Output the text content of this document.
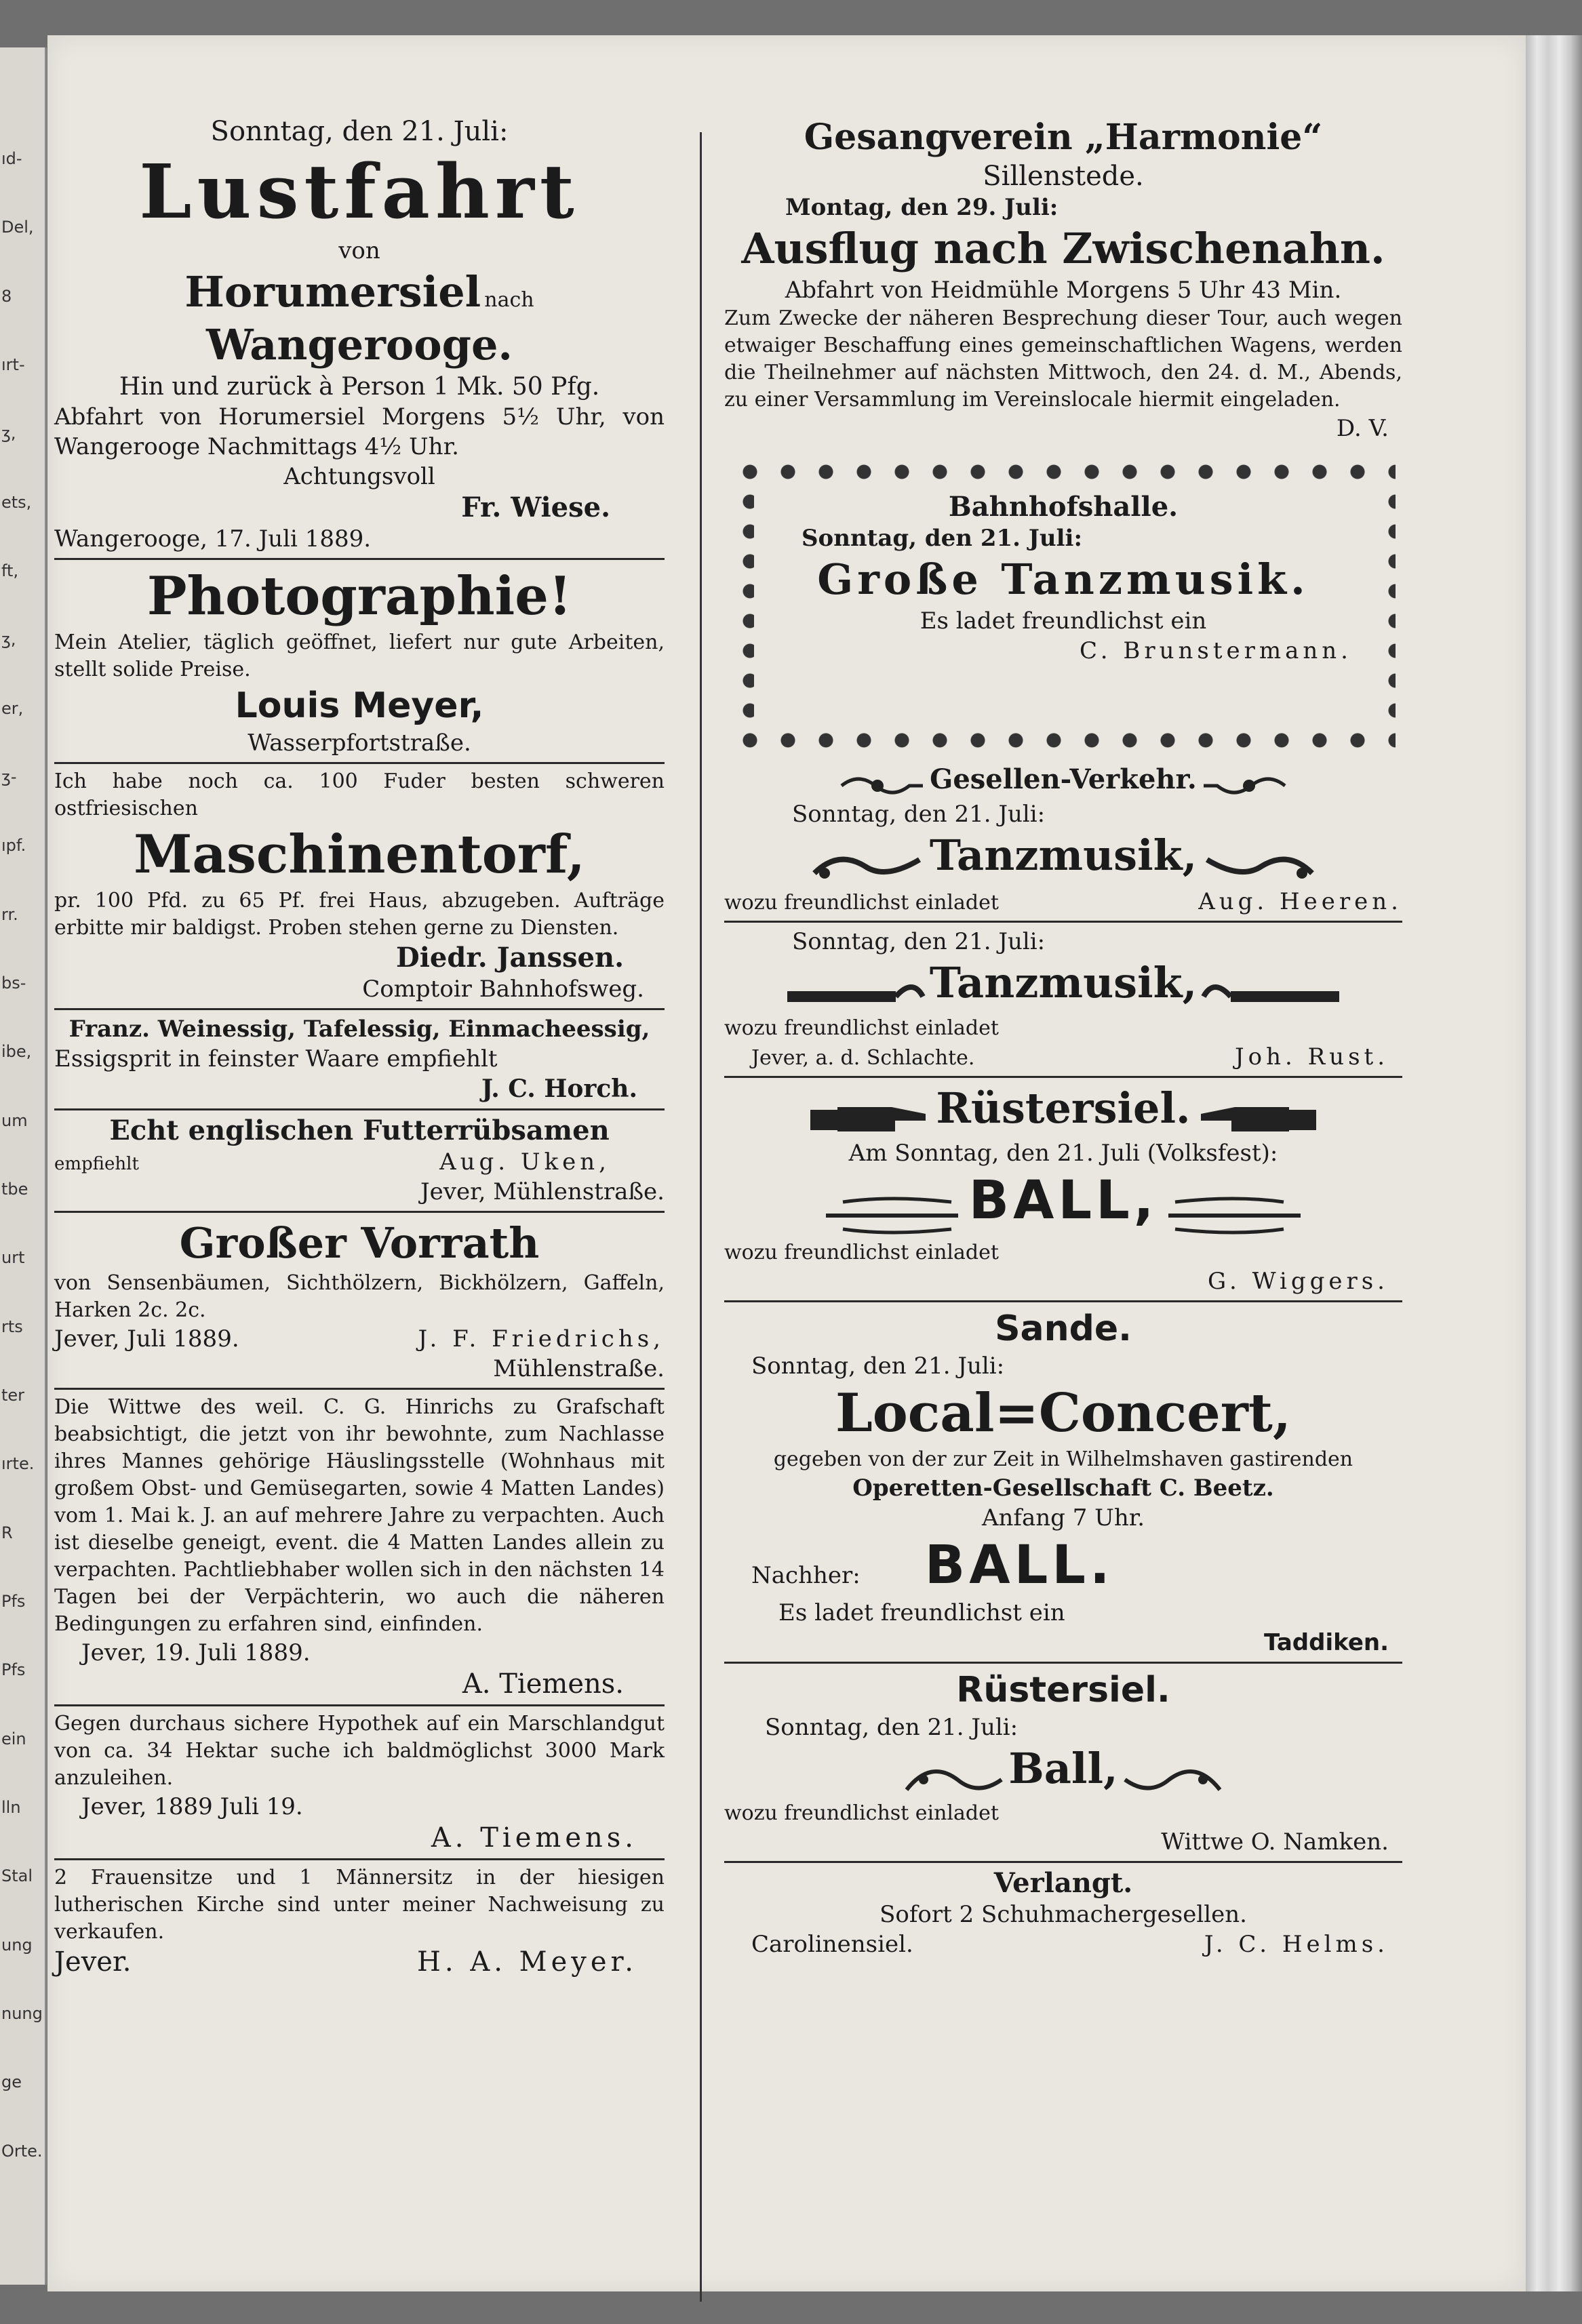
ıd-
Del,
8
ırt-
ʒ,
ets,
ft,
ʒ,
er,
ʒ-
ıpf.
rr.
bs-
ibe,
um
tbe
urt
rts
ter
ırte.
R
Pfs
Pfs
ein
lln
Stal
ung
nung
ge
Orte.
Sonntag, den 21. Juli:
Lustfahrt
von
Horumersiel nach Wangerooge.
Hin und zurück à Person 1 Mk. 50 Pfg.
Abfahrt von Horumersiel Morgens 5½ Uhr, von Wangerooge Nachmittags 4½ Uhr.
Achtungsvoll
Fr. Wiese.
Wangerooge, 17. Juli 1889.
Photographie!
Mein Atelier, täglich geöffnet, liefert nur gute Arbeiten, stellt solide Preise.
Louis Meyer,
Wasserpfortstraße.
Ich habe noch ca. 100 Fuder besten schweren ostfriesischen
Maschinentorf,
pr. 100 Pfd. zu 65 Pf. frei Haus, abzugeben. Aufträge erbitte mir baldigst. Proben stehen gerne zu Diensten.
Diedr. Janssen.
Comptoir Bahnhofsweg.
Franz. Weinessig, Tafelessig, Einmacheessig,
Essigsprit in feinster Waare empfiehlt
J. C. Horch.
Echt englischen Futterrübsamen
empfiehlt	Aug. Uken,
Jever, Mühlenstraße.
Großer Vorrath
von Sensenbäumen, Sichthölzern, Bickhölzern, Gaffeln, Harken 2c. 2c.
Jever, Juli 1889.	J. F. Friedrichs,
Mühlenstraße.
Die Wittwe des weil. C. G. Hinrichs zu Grafschaft beabsichtigt, die jetzt von ihr bewohnte, zum Nachlasse ihres Mannes gehörige Häuslingsstelle (Wohnhaus mit großem Obst- und Gemüsegarten, sowie 4 Matten Landes) vom 1. Mai k. J. an auf mehrere Jahre zu verpachten. Auch ist dieselbe geneigt, event. die 4 Matten Landes allein zu verpachten. Pachtliebhaber wollen sich in den nächsten 14 Tagen bei der Verpächterin, wo auch die näheren Bedingungen zu erfahren sind, einfinden.
Jever, 19. Juli 1889.
A. Tiemens.
Gegen durchaus sichere Hypothek auf ein Marschlandgut von ca. 34 Hektar suche ich baldmöglichst 3000 Mark anzuleihen.
Jever, 1889 Juli 19.
A. Tiemens.
2 Frauensitze und 1 Männersitz in der hiesigen lutherischen Kirche sind unter meiner Nachweisung zu verkaufen.
Jever.	H. A. Meyer.
Gesangverein „Harmonie“
Sillenstede.
Montag, den 29. Juli:
Ausflug nach Zwischenahn.
Abfahrt von Heidmühle Morgens 5 Uhr 43 Min.
Zum Zwecke der näheren Besprechung dieser Tour, auch wegen etwaiger Beschaffung eines gemeinschaftlichen Wagens, werden die Theilnehmer auf nächsten Mittwoch, den 24. d. M., Abends, zu einer Versammlung im Vereinslocale hiermit eingeladen.
D. V.
Bahnhofshalle.
Sonntag, den 21. Juli:
Große Tanzmusik.
Es ladet freundlichst ein
C. Brunstermann.
Gesellen-Verkehr.
Sonntag, den 21. Juli:
Tanzmusik,
wozu freundlichst einladet	Aug. Heeren.
Sonntag, den 21. Juli:
Tanzmusik,
wozu freundlichst einladet
Jever, a. d. Schlachte.	Joh. Rust.
Rüstersiel.
Am Sonntag, den 21. Juli (Volksfest):
BALL,
wozu freundlichst einladet
G. Wiggers.
Sande.
Sonntag, den 21. Juli:
Local=Concert,
gegeben von der zur Zeit in Wilhelmshaven gastirenden
Operetten-Gesellschaft C. Beetz.
Anfang 7 Uhr.
Nachher: BALL.
Es ladet freundlichst ein
Taddiken.
Rüstersiel.
Sonntag, den 21. Juli:
Ball,
wozu freundlichst einladet
Wittwe O. Namken.
Verlangt.
Sofort 2 Schuhmachergesellen.
Carolinensiel.	J. C. Helms.
